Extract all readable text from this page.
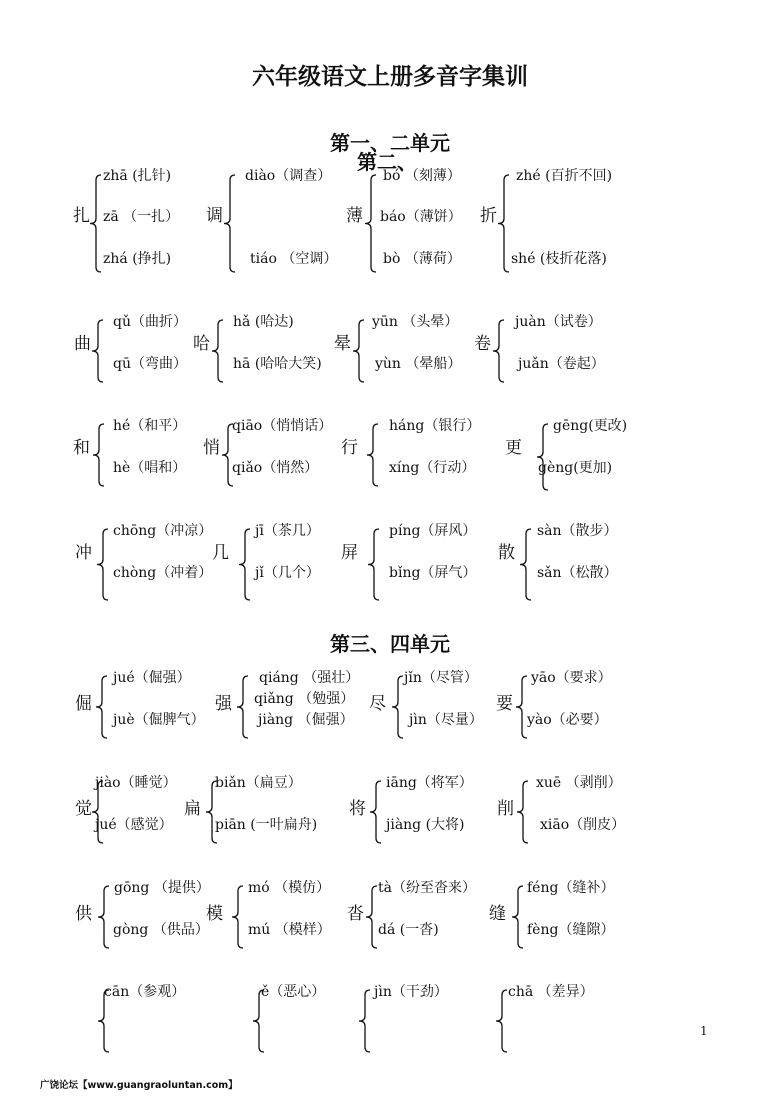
六年级语文上册多音字集训
第一、二单元
第二、
第三、四单元
扎
zhā (扎针)
zā （一扎）
zhá (挣扎)
调
diào（调查）
tiáo （空调）
薄
bó （刻薄）
báo（薄饼）
bò （薄荷）
折
zhé (百折不回)
shé (枝折花落)
曲
qǔ（曲折）
qū（弯曲）
哈
hǎ (哈达)
hā (哈哈大笑)
晕
yūn （头晕）
yùn （晕船）
卷
juàn（试卷）
juǎn（卷起）
和
hé（和平）
hè（唱和）
悄
qiāo（悄悄话）
qiǎo（悄然）
行
háng（银行）
xíng（行动）
更
gēng(更改)
gèng(更加)
冲
chōng（冲凉）
chòng（冲着）
几
jī（茶几）
jǐ（几个）
屏
píng（屏风）
bǐng（屏气）
散
sàn（散步）
sǎn（松散）
倔
jué（倔强）
juè（倔脾气）
强
qiáng （强壮）
qiǎng （勉强）
jiàng （倔强）
尽
jǐn（尽管）
jìn（尽量）
要
yāo（要求）
yào（必要）
觉
jiào（睡觉）
jué（感觉）
扁
biǎn（扁豆）
piān (一叶扁舟)
将
iāng（将军）
jiàng (大将)
削
xuē （剥削）
xiāo（削皮）
供
gōng （提供）
gòng （供品）
模
mó （模仿）
mú （模样）
沓
tà（纷至沓来）
dá (一沓)
缝
féng（缝补）
fèng（缝隙）
cān（参观）	ě（恶心）	jìn（干劲）	chā （差异）
1
广饶论坛【www.guangraoluntan.com】
